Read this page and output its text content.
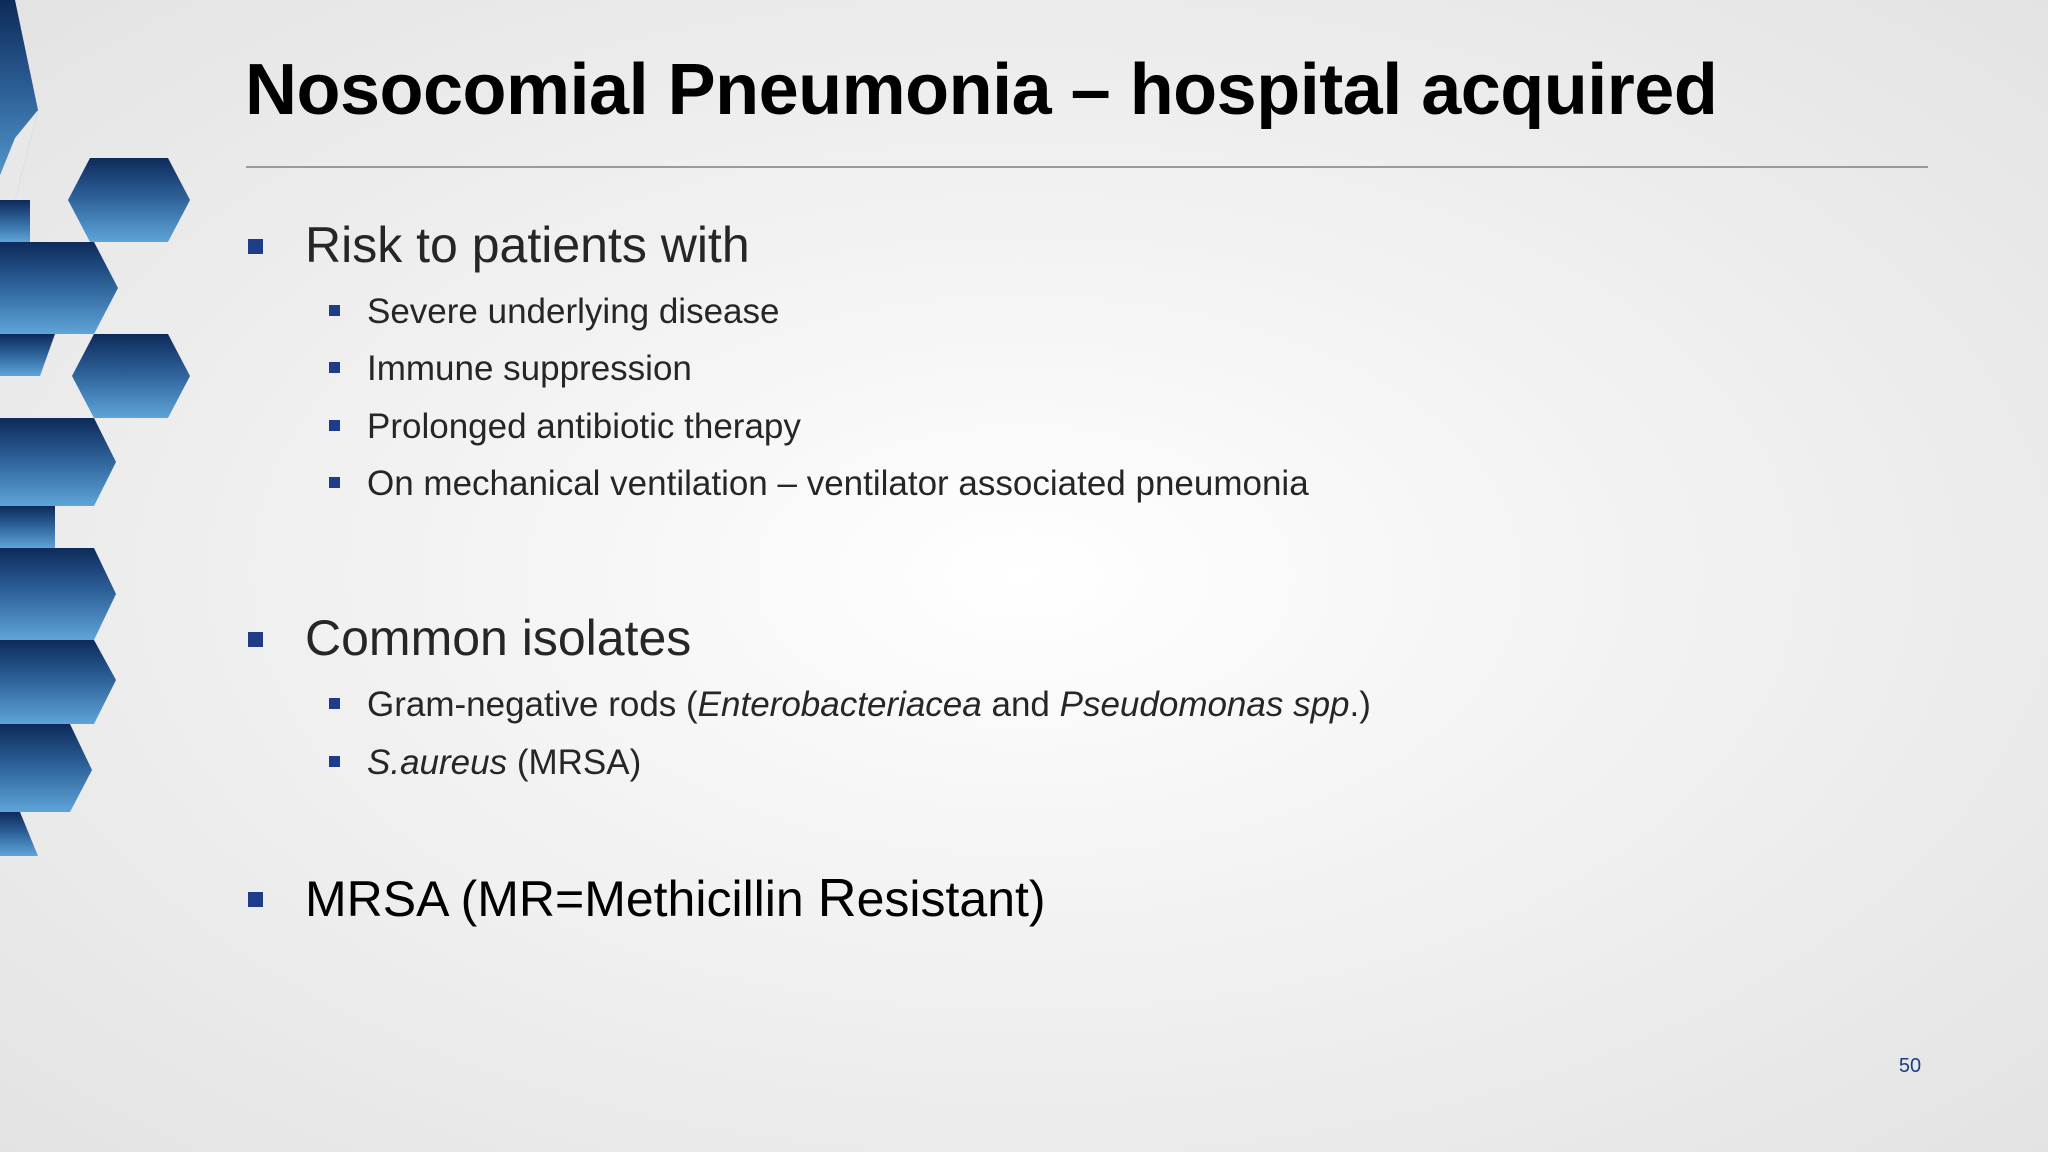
Nosocomial Pneumonia – hospital acquired
Risk to patients with
Severe underlying disease
Immune suppression
Prolonged antibiotic therapy
On mechanical ventilation – ventilator associated pneumonia
Common isolates
Gram-negative rods (Enterobacteriacea and Pseudomonas spp.)
S.aureus (MRSA)
MRSA (MR=Methicillin Resistant)
50
